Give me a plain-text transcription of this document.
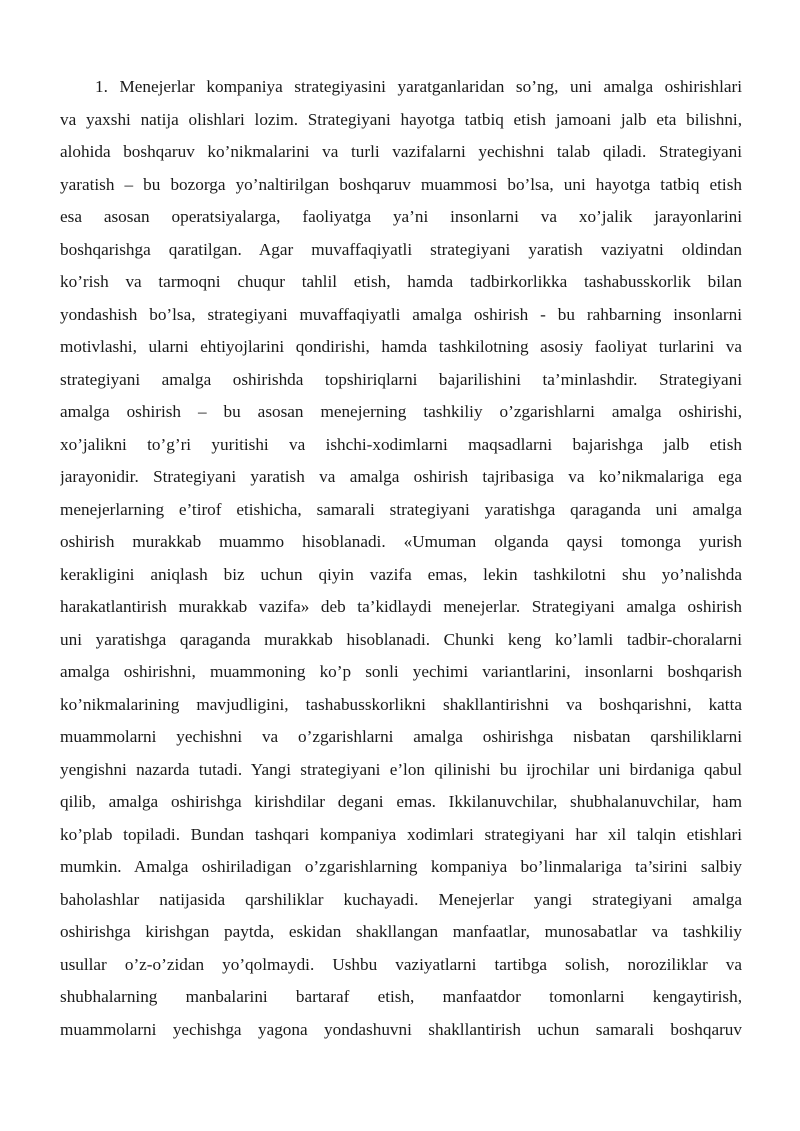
1. Menejerlar kompaniya strategiyasini yaratganlaridan so’ng, uni amalga oshirishlari
va yaxshi natija olishlari lozim. Strategiyani hayotga tatbiq etish jamoani jalb eta bilishni,
alohida boshqaruv ko’nikmalarini va turli vazifalarni yechishni talab qiladi. Strategiyani
yaratish – bu bozorga yo’naltirilgan boshqaruv muammosi bo’lsa, uni hayotga tatbiq etish
esa asosan operatsiyalarga, faoliyatga ya’ni insonlarni va xo’jalik jarayonlarini
boshqarishga qaratilgan. Agar muvaffaqiyatli strategiyani yaratish vaziyatni oldindan
ko’rish va tarmoqni chuqur tahlil etish, hamda tadbirkorlikka tashabusskorlik bilan
yondashish bo’lsa, strategiyani muvaffaqiyatli amalga oshirish - bu rahbarning insonlarni
motivlashi, ularni ehtiyojlarini qondirishi, hamda tashkilotning asosiy faoliyat turlarini va
strategiyani amalga oshirishda topshiriqlarni bajarilishini ta’minlashdir. Strategiyani
amalga oshirish – bu asosan menejerning tashkiliy o’zgarishlarni amalga oshirishi,
xo’jalikni to’g’ri yuritishi va ishchi-xodimlarni maqsadlarni bajarishga jalb etish
jarayonidir. Strategiyani yaratish va amalga oshirish tajribasiga va ko’nikmalariga ega
menejerlarning e’tirof etishicha, samarali strategiyani yaratishga qaraganda uni amalga
oshirish murakkab muammo hisoblanadi. «Umuman olganda qaysi tomonga yurish
kerakligini aniqlash biz uchun qiyin vazifa emas, lekin tashkilotni shu yo’nalishda
harakatlantirish murakkab vazifa» deb ta’kidlaydi menejerlar. Strategiyani amalga oshirish
uni yaratishga qaraganda murakkab hisoblanadi. Chunki keng ko’lamli tadbir-choralarni
amalga oshirishni, muammoning ko’p sonli yechimi variantlarini, insonlarni boshqarish
ko’nikmalarining mavjudligini, tashabusskorlikni shakllantirishni va boshqarishni, katta
muammolarni yechishni va o’zgarishlarni amalga oshirishga nisbatan qarshiliklarni
yengishni nazarda tutadi. Yangi strategiyani e’lon qilinishi bu ijrochilar uni birdaniga qabul
qilib, amalga oshirishga kirishdilar degani emas. Ikkilanuvchilar, shubhalanuvchilar, ham
ko’plab topiladi. Bundan tashqari kompaniya xodimlari strategiyani har xil talqin etishlari
mumkin. Amalga oshiriladigan o’zgarishlarning kompaniya bo’linmalariga ta’sirini salbiy
baholashlar natijasida qarshiliklar kuchayadi. Menejerlar yangi strategiyani amalga
oshirishga kirishgan paytda, eskidan shakllangan manfaatlar, munosabatlar va tashkiliy
usullar o’z-o’zidan yo’qolmaydi. Ushbu vaziyatlarni tartibga solish, noroziliklar va
shubhalarning manbalarini bartaraf etish, manfaatdor tomonlarni kengaytirish,
muammolarni yechishga yagona yondashuvni shakllantirish uchun samarali boshqaruv
